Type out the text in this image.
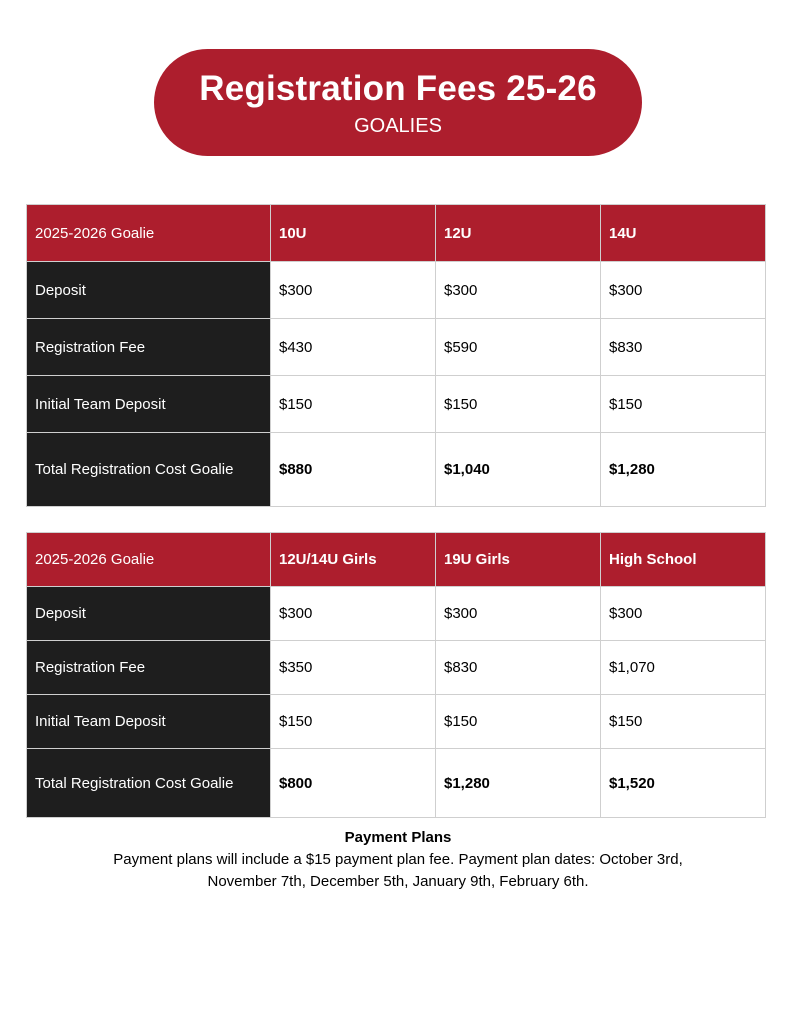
Registration Fees 25-26
GOALIES
2025-2026 Goalie	10U	12U	14U
Deposit	$300	$300	$300
Registration Fee	$430	$590	$830
Initial Team Deposit	$150	$150	$150
Total Registration Cost Goalie	$880	$1,040	$1,280
2025-2026 Goalie	12U/14U Girls	19U Girls	High School
Deposit	$300	$300	$300
Registration Fee	$350	$830	$1,070
Initial Team Deposit	$150	$150	$150
Total Registration Cost Goalie	$800	$1,280	$1,520
Payment Plans
Payment plans will include a $15 payment plan fee. Payment plan dates: October 3rd, November 7th, December 5th, January 9th, February 6th.
